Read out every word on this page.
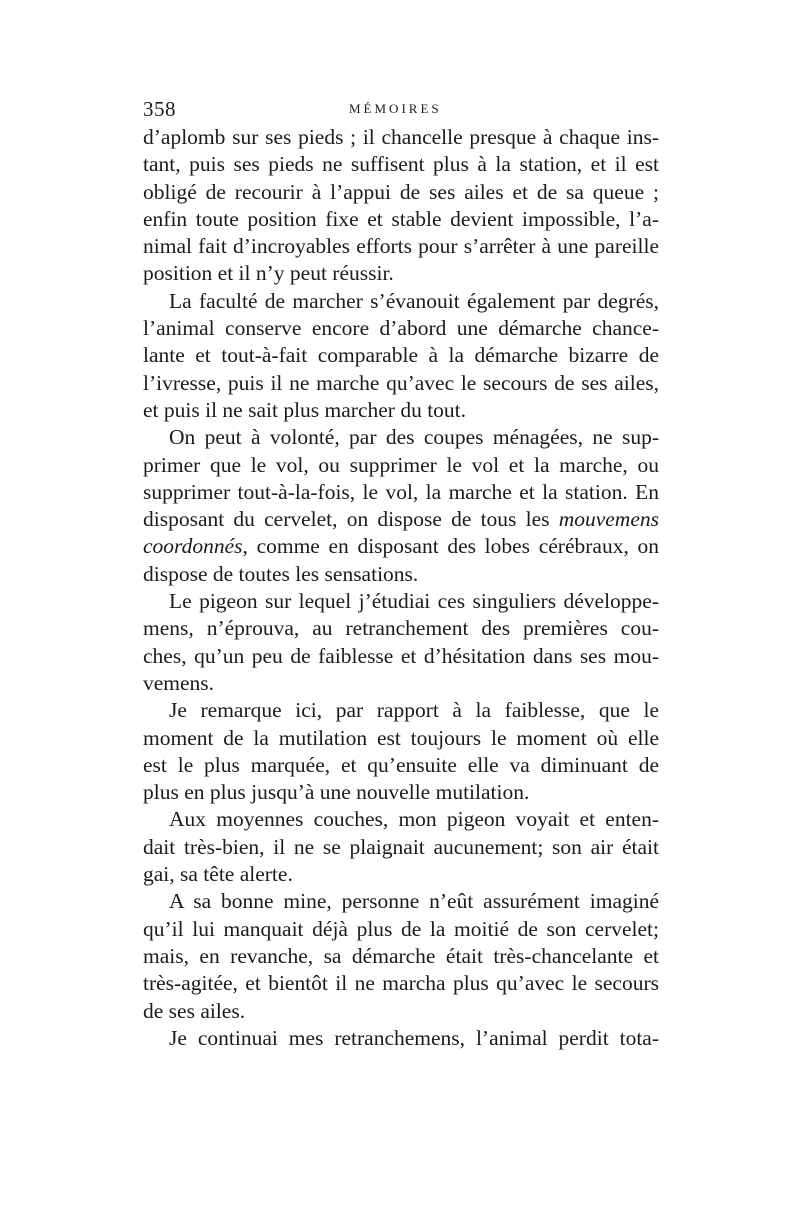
358	MÉMOIRES
d’aplomb sur ses pieds ; il chancelle presque à chaque ins-
tant, puis ses pieds ne suffisent plus à la station, et il est
obligé de recourir à l’appui de ses ailes et de sa queue ;
enfin toute position fixe et stable devient impossible, l’a-
nimal fait d’incroyables efforts pour s’arrêter à une pareille
position et il n’y peut réussir.
La faculté de marcher s’évanouit également par degrés,
l’animal conserve encore d’abord une démarche chance-
lante et tout-à-fait comparable à la démarche bizarre de
l’ivresse, puis il ne marche qu’avec le secours de ses ailes,
et puis il ne sait plus marcher du tout.
On peut à volonté, par des coupes ménagées, ne sup-
primer que le vol, ou supprimer le vol et la marche, ou
supprimer tout-à-la-fois, le vol, la marche et la station. En
disposant du cervelet, on dispose de tous les mouvemens
coordonnés, comme en disposant des lobes cérébraux, on
dispose de toutes les sensations.
Le pigeon sur lequel j’étudiai ces singuliers développe-
mens, n’éprouva, au retranchement des premières cou-
ches, qu’un peu de faiblesse et d’hésitation dans ses mou-
vemens.
Je remarque ici, par rapport à la faiblesse, que le
moment de la mutilation est toujours le moment où elle
est le plus marquée, et qu’ensuite elle va diminuant de
plus en plus jusqu’à une nouvelle mutilation.
Aux moyennes couches, mon pigeon voyait et enten-
dait très-bien, il ne se plaignait aucunement; son air était
gai, sa tête alerte.
A sa bonne mine, personne n’eût assurément imaginé
qu’il lui manquait déjà plus de la moitié de son cervelet;
mais, en revanche, sa démarche était très-chancelante et
très-agitée, et bientôt il ne marcha plus qu’avec le secours
de ses ailes.
Je continuai mes retranchemens, l’animal perdit tota-
